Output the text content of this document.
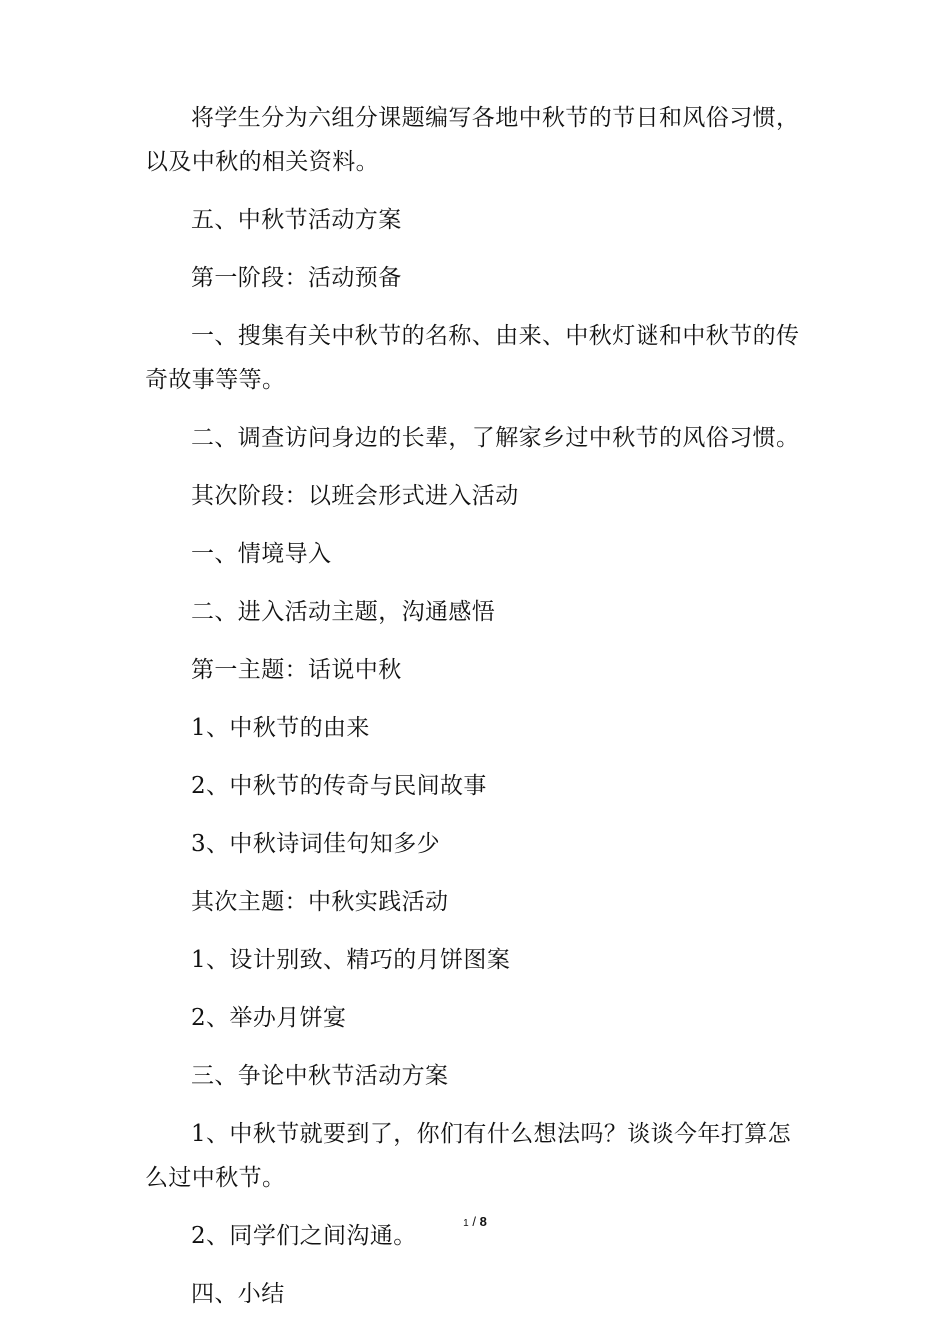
将学生分为六组分课题编写各地中秋节的节日和风俗习惯，以及中秋的相关资料。

五、中秋节活动方案

第一阶段：活动预备

一、搜集有关中秋节的名称、由来、中秋灯谜和中秋节的传奇故事等等。

二、调查访问身边的长辈，了解家乡过中秋节的风俗习惯。

其次阶段：以班会形式进入活动

一、情境导入

二、进入活动主题，沟通感悟

第一主题：话说中秋

1、中秋节的由来

2、中秋节的传奇与民间故事

3、中秋诗词佳句知多少

其次主题：中秋实践活动

1、设计别致、精巧的月饼图案

2、举办月饼宴

三、争论中秋节活动方案

1、中秋节就要到了，你们有什么想法吗？谈谈今年打算怎么过中秋节。

2、同学们之间沟通。

四、小结

1 / 8
